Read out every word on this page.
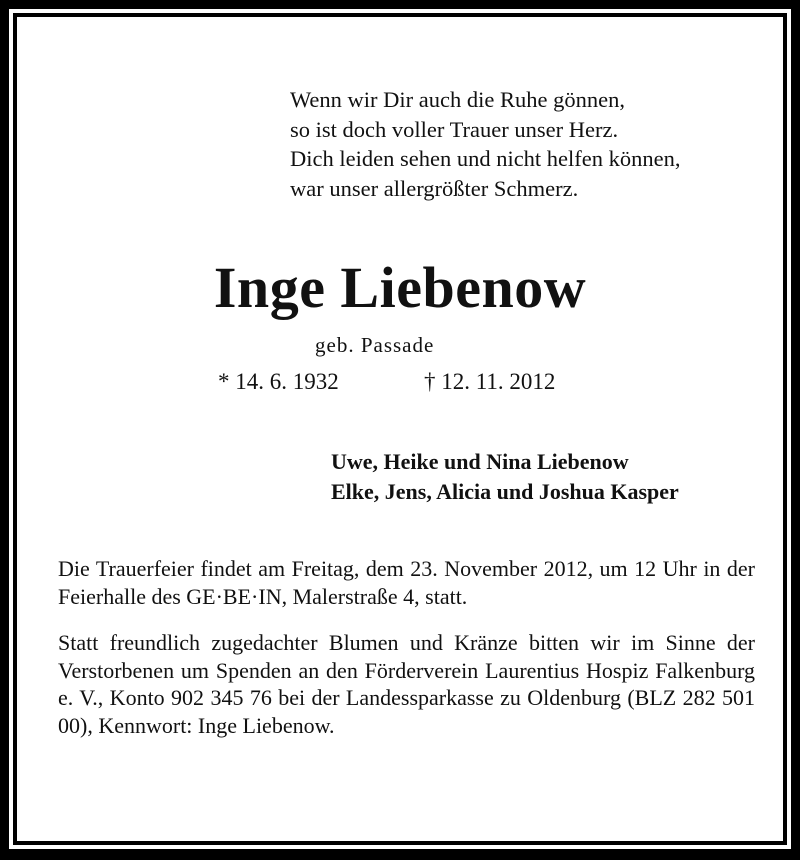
Wenn wir Dir auch die Ruhe gönnen,
so ist doch voller Trauer unser Herz.
Dich leiden sehen und nicht helfen können,
war unser allergrößter Schmerz.
Inge Liebenow
geb. Passade
* 14. 6. 1932	† 12. 11. 2012
Uwe, Heike und Nina Liebenow
Elke, Jens, Alicia und Joshua Kasper
Die Trauerfeier findet am Freitag, dem 23. November 2012, um 12 Uhr in der Feierhalle des GE·BE·IN, Malerstraße 4, statt.
Statt freundlich zugedachter Blumen und Kränze bitten wir im Sinne der Verstorbenen um Spenden an den Förderverein Laurentius Hospiz Falkenburg e. V., Konto 902 345 76 bei der Landessparkasse zu Oldenburg (BLZ 282 501 00), Kennwort: Inge Liebenow.
